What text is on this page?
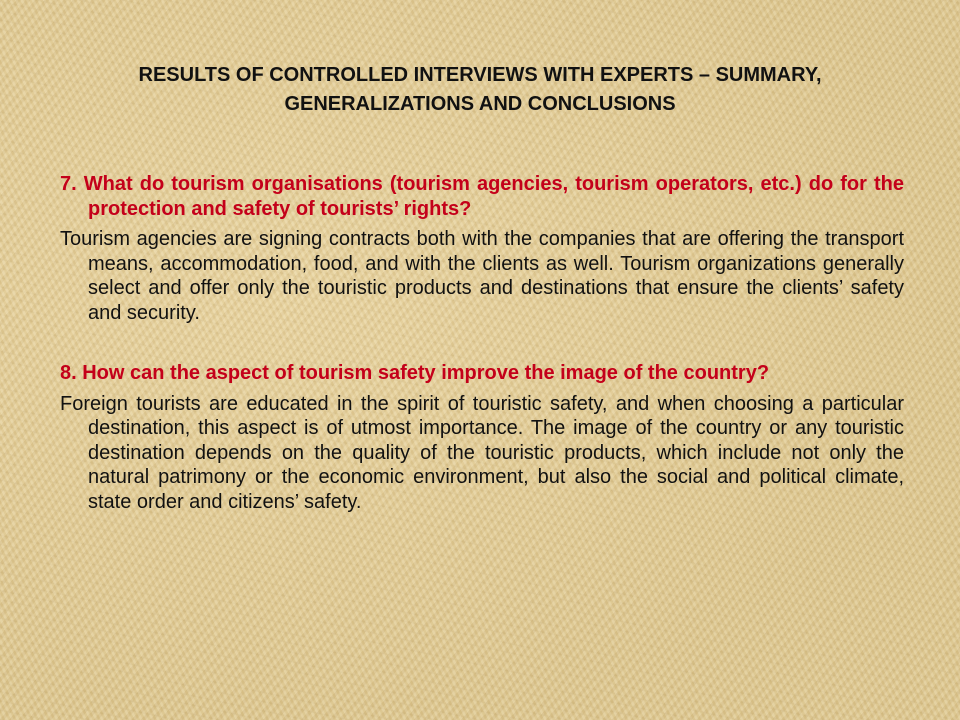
RESULTS OF CONTROLLED INTERVIEWS WITH EXPERTS – SUMMARY, GENERALIZATIONS AND CONCLUSIONS

7. What do tourism organisations (tourism agencies, tourism operators, etc.) do for the protection and safety of tourists’ rights?

Tourism agencies are signing contracts both with the companies that are offering the transport means, accommodation, food, and with the clients as well. Tourism organizations generally select and offer only the touristic products and destinations that ensure the clients’ safety and security.

8. How can the aspect of tourism safety improve the image of the country?

Foreign tourists are educated in the spirit of touristic safety, and when choosing a particular destination, this aspect is of utmost importance. The image of the country or any touristic destination depends on the quality of the touristic products, which include not only the natural patrimony or the economic environment, but also the social and political climate, state order and citizens’ safety.
